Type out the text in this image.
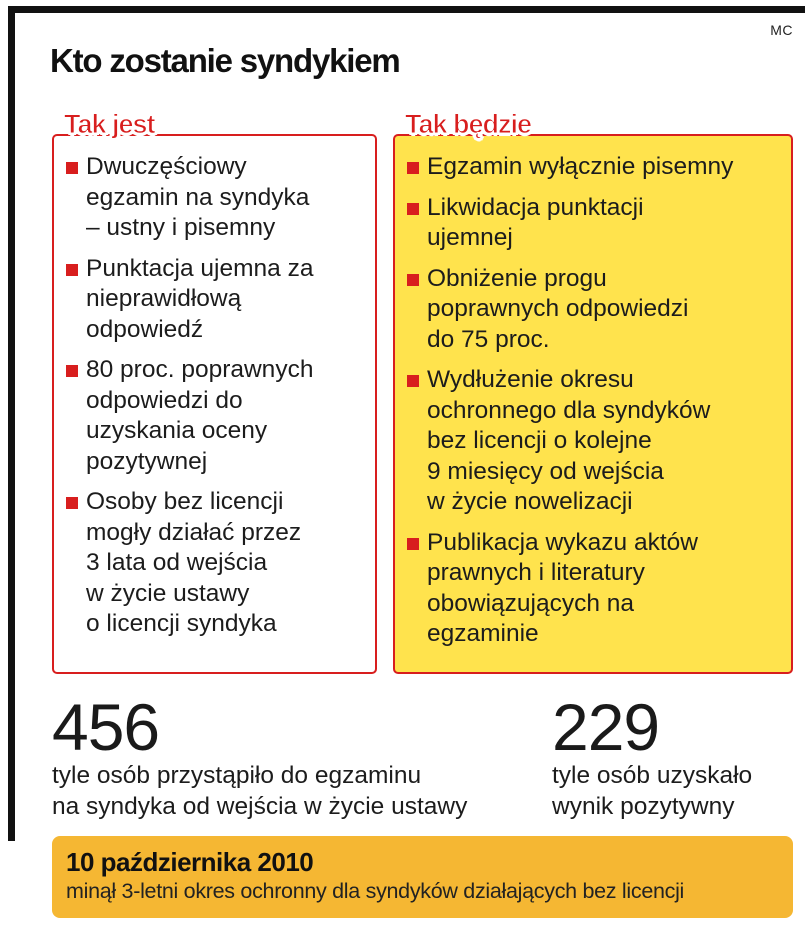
MC
Kto zostanie syndykiem
Tak jest
Dwuczęściowy
egzamin na syndyka
– ustny i pisemny
Punktacja ujemna za
nieprawidłową
odpowiedź
80 proc. poprawnych
odpowiedzi do
uzyskania oceny
pozytywnej
Osoby bez licencji
mogły działać przez
3 lata od wejścia
w życie ustawy
o licencji syndyka
Tak będzie
Egzamin wyłącznie pisemny
Likwidacja punktacji
ujemnej
Obniżenie progu
poprawnych odpowiedzi
do 75 proc.
Wydłużenie okresu
ochronnego dla syndyków
bez licencji o kolejne
9 miesięcy od wejścia
w życie nowelizacji
Publikacja wykazu aktów
prawnych i literatury
obowiązujących na
egzaminie
456
tyle osób przystąpiło do egzaminu
na syndyka od wejścia w życie ustawy
229
tyle osób uzyskało
wynik pozytywny
10 października 2010
minął 3-letni okres ochronny dla syndyków działających bez licencji
